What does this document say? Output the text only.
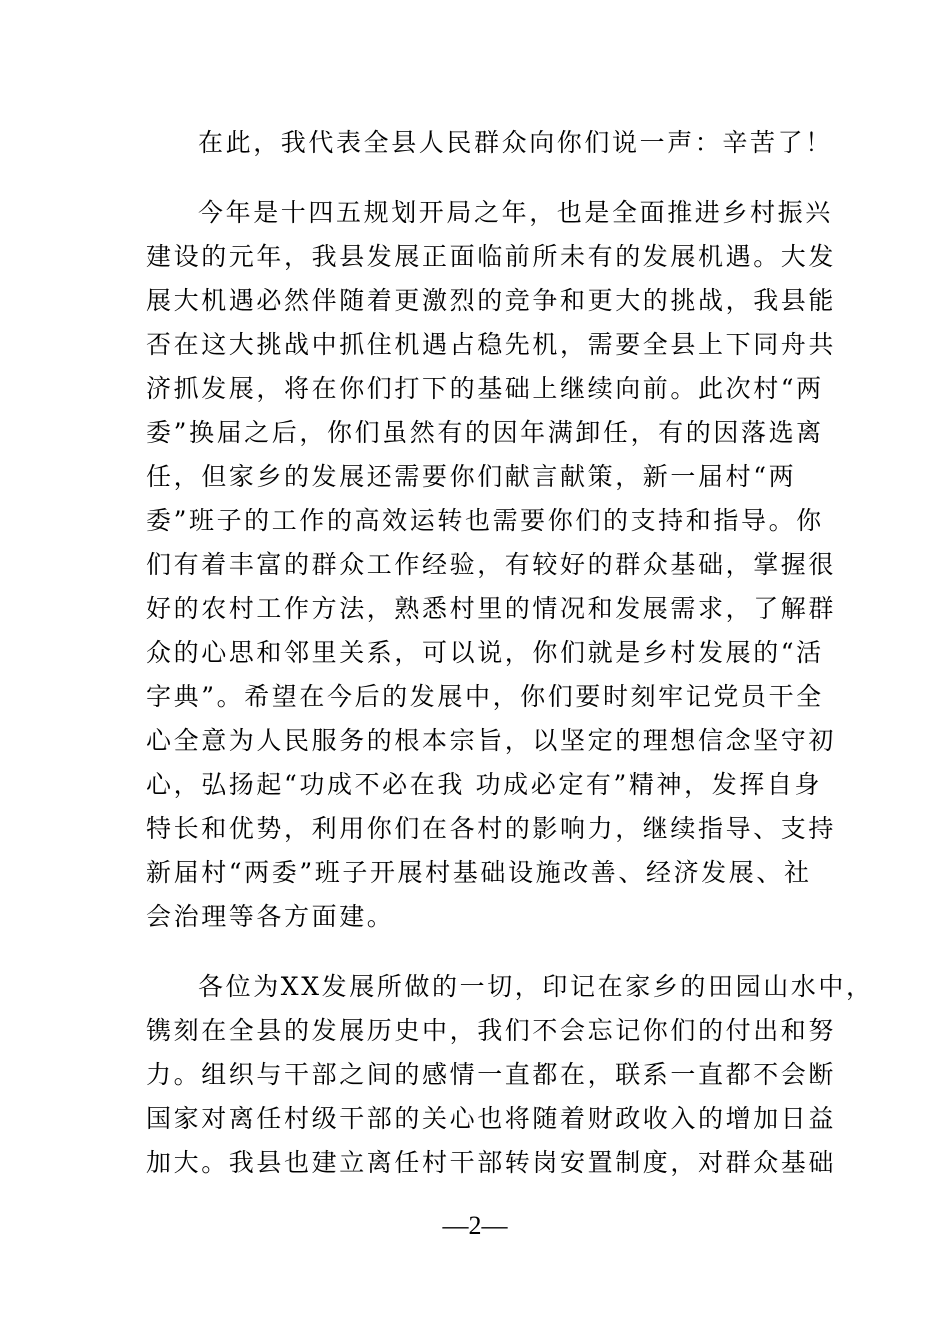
在此，我代表全县人民群众向你们说一声：辛苦了！
今年是十四五规划开局之年，也是全面推进乡村振兴
建设的元年，我县发展正面临前所未有的发展机遇。大发
展大机遇必然伴随着更激烈的竞争和更大的挑战，我县能
否在这大挑战中抓住机遇占稳先机，需要全县上下同舟共
济抓发展，将在你们打下的基础上继续向前。此次村“两
委”换届之后，你们虽然有的因年满卸任，有的因落选离
任，但家乡的发展还需要你们献言献策，新一届村“两
委”班子的工作的高效运转也需要你们的支持和指导。你
们有着丰富的群众工作经验，有较好的群众基础，掌握很
好的农村工作方法，熟悉村里的情况和发展需求，了解群
众的心思和邻里关系，可以说，你们就是乡村发展的“活
字典”。希望在今后的发展中，你们要时刻牢记党员干全
心全意为人民服务的根本宗旨，以坚定的理想信念坚守初
心，弘扬起“功成不必在我 功成必定有”精神，发挥自身
特长和优势，利用你们在各村的影响力，继续指导、支持
新届村“两委”班子开展村基础设施改善、经济发展、社
会治理等各方面建。
各位为XX发展所做的一切，印记在家乡的田园山水中，
镌刻在全县的发展历史中，我们不会忘记你们的付出和努
力。组织与干部之间的感情一直都在，联系一直都不会断
国家对离任村级干部的关心也将随着财政收入的增加日益
加大。我县也建立离任村干部转岗安置制度，对群众基础
—2—
